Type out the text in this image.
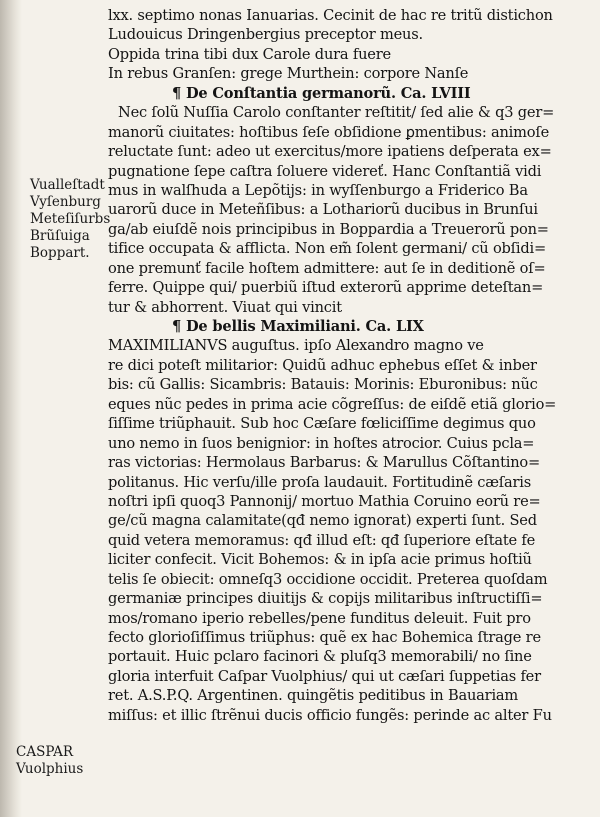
Vualleſtadt
Vyſenburg
Meteſiſurbs
Brũſuiga
Boppart.
CASPAR
Vuolphius
lxx. septimo nonas Ianuarias. Cecinit de hac re tritũ distichon
Ludouicus Dringenbergius preceptor meus.
Oppida trina tibi dux Carole dura fuere
In rebus Granſen: grege Murthein: corpore Nanſe
¶ De Conſtantia germanorũ. Ca. LVIII
Nec ſolũ Nuſſia Carolo conſtanter reſtitit/ ſed alie & q3 ger=
manorũ ciuitates: hoſtibus ſeſe obſidione ꝑmentibus: animoſe
reluctate ſunt: adeo ut exercitus/more ipatiens deſperata ex=
pugnatione ſepe caſtra ſoluere videreť. Hanc Conſtantiã vidi
mus in walſhuda a Lepõtijs: in wyſſenburgo a Friderico Ba
uarorũ duce in Meteñſibus: a Lothariorũ ducibus in Brunſui
ga/ab eiuſdẽ nois principibus in Boppardia a Treuerorũ pon=
tifice occupata & afflicta. Non em̃ ſolent germani/ cũ obſidi=
one premunť facile hoſtem admittere: aut ſe in deditionẽ oſ=
ferre. Quippe qui/ puerbiũ iſtud exterorũ apprime deteſtan=
tur & abhorrent. Viuat qui vincit
¶ De bellis Maximiliani. Ca. LIX
MAXIMILIANVS auguſtus. ipſo Alexandro magno ve
re dici poteſt militarior: Quidũ adhuc ephebus eſſet & inber
bis: cũ Gallis: Sicambris: Batauis: Morinis: Eburonibus: nũc
eques nũc pedes in prima acie cõgreſſus: de eiſdẽ etiã glorio=
ſiſſime triũphauit. Sub hoc Cæſare fœliciſſime degimus quo
uno nemo in ſuos benignior: in hoſtes atrocior. Cuius pcla=
ras victorias: Hermolaus Barbarus: & Marullus Cõſtantino=
politanus. Hic verſu/ille proſa laudauit. Fortitudinẽ cæſaris
noſtri ipſi quoq3 Pannonij/ mortuo Mathia Coruino eorũ re=
ge/cũ magna calamitate(qđ nemo ignorat) experti ſunt. Sed
quid vetera memoramus: qđ illud eſt: qđ ſuperiore eſtate fe
liciter confecit. Vicit Bohemos: & in ipſa acie primus hoſtiũ
telis ſe obiecit: omneſq3 occidione occidit. Preterea quoſdam
germaniæ principes diuitijs & copijs militaribus inſtructiſſi=
mos/romano iperio rebelles/pene funditus deleuit. Fuit pro
fecto glorioſiſſimus triũphus: quẽ ex hac Bohemica ſtrage re
portauit. Huic pclaro facinori & pluſq3 memorabili/ no ſine
gloria interfuit Caſpar Vuolphius/ qui ut cæſari ſuppetias fer
ret. A.S.P.Q. Argentinen. quingẽtis peditibus in Bauariam
miſſus: et illic ſtrẽnui ducis officio fungẽs: perinde ac alter Fu
